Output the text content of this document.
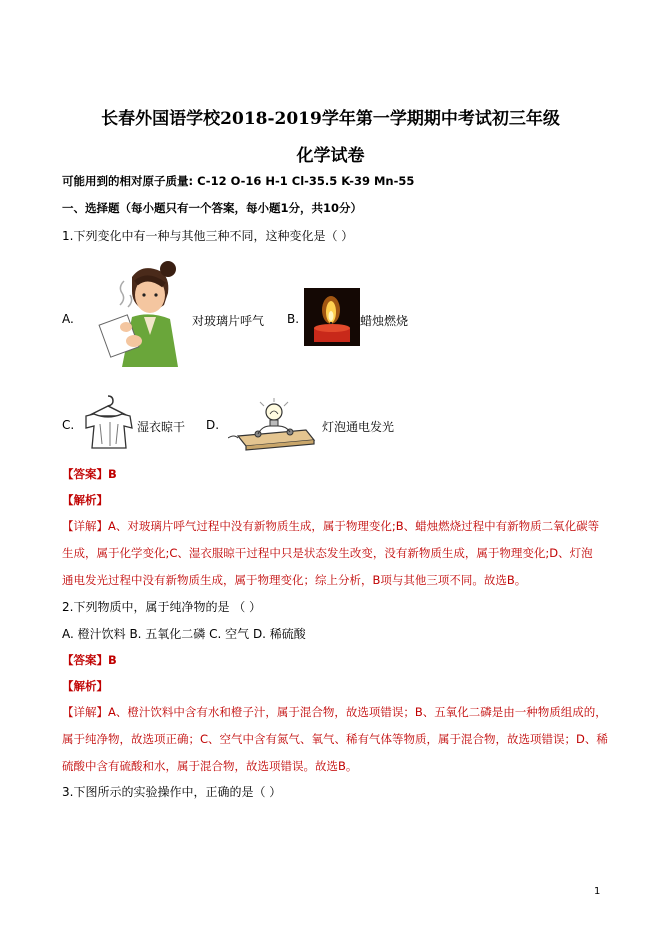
长春外国语学校2018-2019学年第一学期期中考试初三年级
化学试卷
可能用到的相对原子质量: C-12 O-16 H-1 Cl-35.5 K-39 Mn-55
一、选择题（每小题只有一个答案，每小题1分，共10分）
1.下列变化中有一种与其他三种不同，这种变化是（ ）
A.	对玻璃片呼气 B.	蜡烛燃烧
C.	湿衣晾干 D.	灯泡通电发光
【答案】B
【解析】
【详解】A、对玻璃片呼气过程中没有新物质生成，属于物理变化;B、蜡烛燃烧过程中有新物质二氧化碳等
生成，属于化学变化;C、湿衣服晾干过程中只是状态发生改变，没有新物质生成，属于物理变化;D、灯泡
通电发光过程中没有新物质生成，属于物理变化；综上分析，B项与其他三项不同。故选B。
2.下列物质中，属于纯净物的是 （ ）
A. 橙汁饮料 B. 五氧化二磷 C. 空气 D. 稀硫酸
【答案】B
【解析】
【详解】A、橙汁饮料中含有水和橙子汁，属于混合物，故选项错误；B、五氧化二磷是由一种物质组成的，
属于纯净物，故选项正确；C、空气中含有氮气、氧气、稀有气体等物质，属于混合物，故选项错误；D、稀
硫酸中含有硫酸和水，属于混合物，故选项错误。故选B。
3.下图所示的实验操作中，正确的是（ ）
1
